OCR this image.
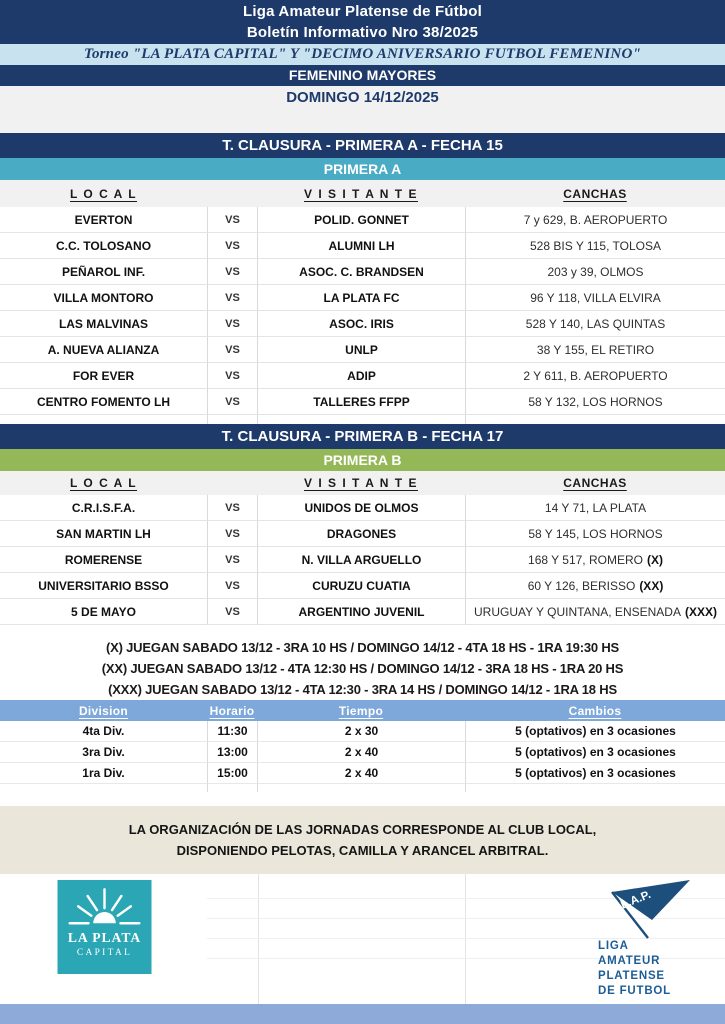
Liga Amateur Platense de Fútbol
Boletín Informativo Nro 38/2025
Torneo "LA PLATA CAPITAL" Y "DECIMO ANIVERSARIO FUTBOL FEMENINO"
FEMENINO MAYORES
DOMINGO 14/12/2025
T. CLAUSURA - PRIMERA A - FECHA 15
PRIMERA A
L O C A L	V I S I T A N T E	CANCHAS
EVERTON	VS	POLID. GONNET	7 y 629, B. AEROPUERTO
C.C. TOLOSANO	VS	ALUMNI LH	528 BIS Y 115, TOLOSA
PEÑAROL INF.	VS	ASOC. C. BRANDSEN	203 y 39, OLMOS
VILLA MONTORO	VS	LA PLATA FC	96 Y 118, VILLA ELVIRA
LAS MALVINAS	VS	ASOC. IRIS	528 Y 140, LAS QUINTAS
A. NUEVA ALIANZA	VS	UNLP	38 Y 155, EL RETIRO
FOR EVER	VS	ADIP	2 Y 611, B. AEROPUERTO
CENTRO FOMENTO LH	VS	TALLERES FFPP	58 Y 132, LOS HORNOS
T. CLAUSURA - PRIMERA B - FECHA 17
PRIMERA B
L O C A L	V I S I T A N T E	CANCHAS
C.R.I.S.F.A.	VS	UNIDOS DE OLMOS	14 Y 71, LA PLATA
SAN MARTIN LH	VS	DRAGONES	58 Y 145, LOS HORNOS
ROMERENSE	VS	N. VILLA ARGUELLO	168 Y 517, ROMERO (X)
UNIVERSITARIO BSSO	VS	CURUZU CUATIA	60 Y 126, BERISSO (XX)
5 DE MAYO	VS	ARGENTINO JUVENIL	URUGUAY Y QUINTANA, ENSENADA (XXX)
(X) JUEGAN SABADO 13/12 - 3RA 10 HS / DOMINGO 14/12 - 4TA 18 HS - 1RA 19:30 HS
(XX) JUEGAN SABADO 13/12 - 4TA 12:30 HS / DOMINGO 14/12 - 3RA 18 HS - 1RA 20 HS
(XXX) JUEGAN SABADO 13/12 - 4TA 12:30 - 3RA 14 HS / DOMINGO 14/12 - 1RA 18 HS
Division	Horario	Tiempo	Cambios
4ta Div.	11:30	2 x 30	5 (optativos) en 3 ocasiones
3ra Div.	13:00	2 x 40	5 (optativos) en 3 ocasiones
1ra Div.	15:00	2 x 40	5 (optativos) en 3 ocasiones
LA ORGANIZACIÓN DE LAS JORNADAS CORRESPONDE AL CLUB LOCAL,
DISPONIENDO PELOTAS, CAMILLA Y ARANCEL ARBITRAL.
LA PLATA
CAPITAL
L.A.P.
LIGA
AMATEUR
PLATENSE
DE FUTBOL
